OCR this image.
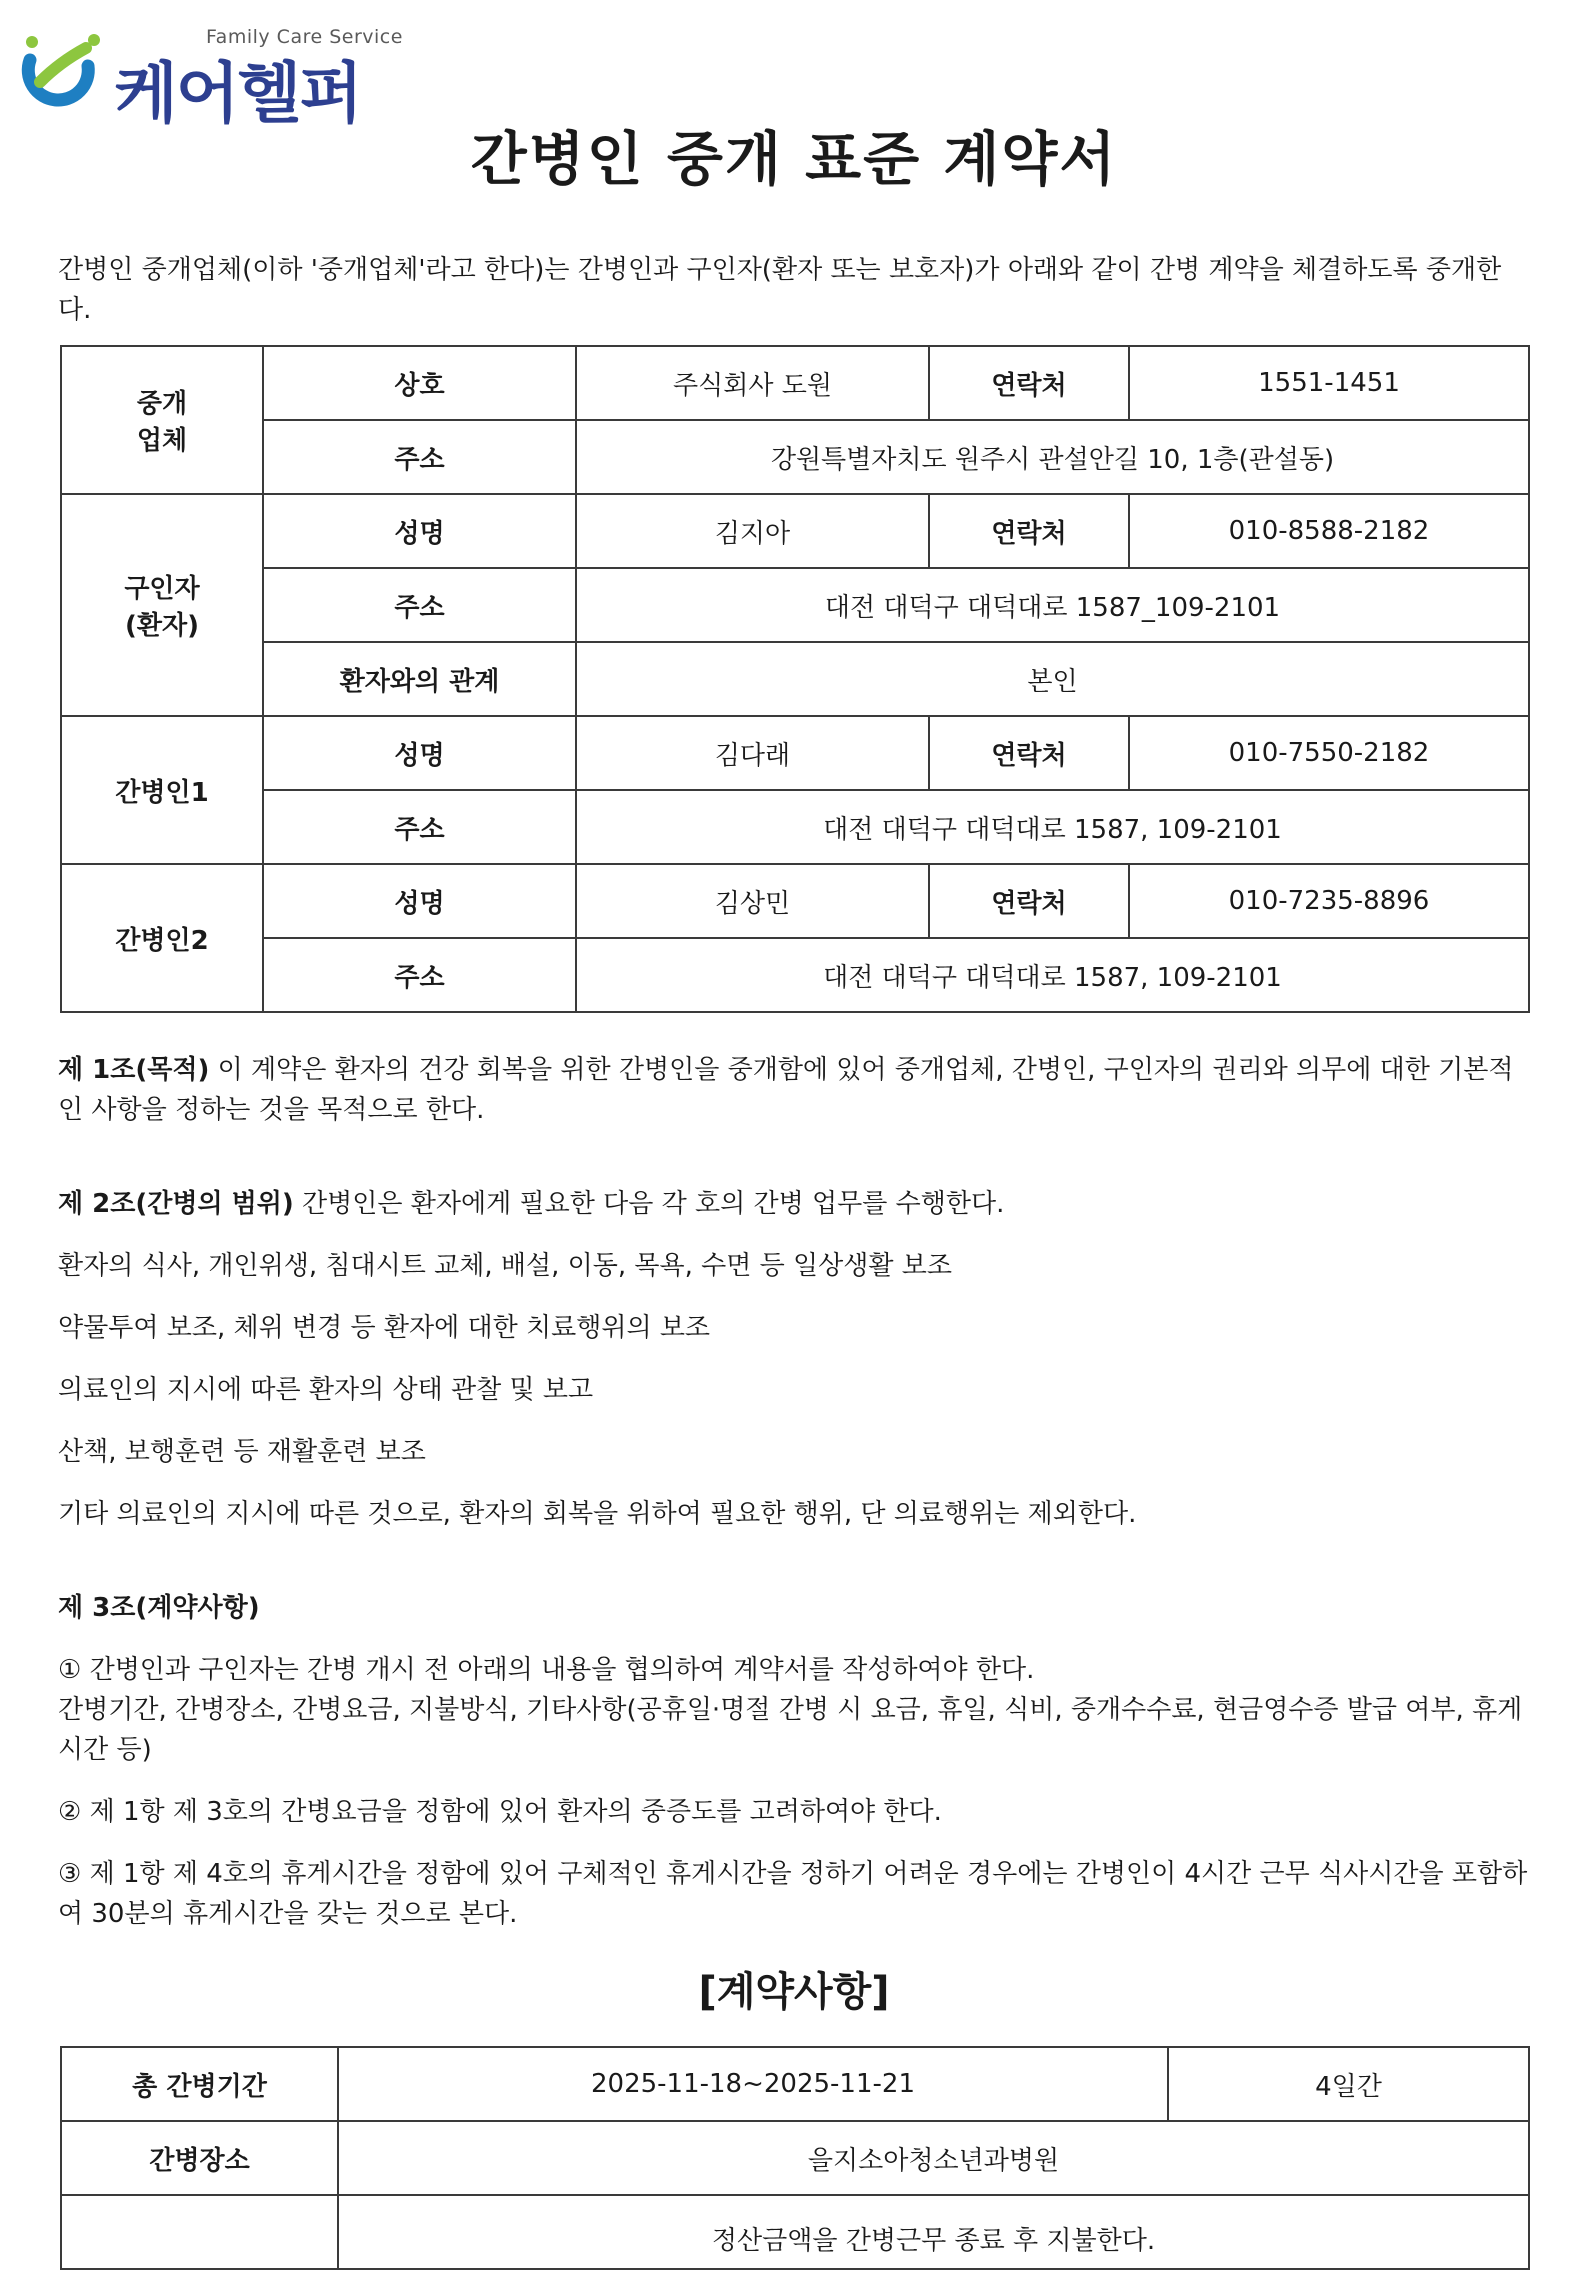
Family Care Service
케어헬퍼
간병인 중개 표준 계약서

간병인 중개업체(이하 '중개업체'라고 한다)는 간병인과 구인자(환자 또는 보호자)가 아래와 같이 간병 계약을 체결하도록 중개한다.

중개
업체	상호	주식회사 도원	연락처	1551-1451
	주소	강원특별자치도 원주시 관설안길 10, 1층(관설동)		
구인자
(환자)	성명	김지아	연락처	010-8588-2182
	주소	대전 대덕구 대덕대로 1587_109-2101		
	환자와의 관계	본인		
간병인1	성명	김다래	연락처	010-7550-2182
	주소	대전 대덕구 대덕대로 1587, 109-2101		
간병인2	성명	김상민	연락처	010-7235-8896
	주소	대전 대덕구 대덕대로 1587, 109-2101		

제 1조(목적) 이 계약은 환자의 건강 회복을 위한 간병인을 중개함에 있어 중개업체, 간병인, 구인자의 권리와 의무에 대한 기본적인 사항을 정하는 것을 목적으로 한다.

제 2조(간병의 범위) 간병인은 환자에게 필요한 다음 각 호의 간병 업무를 수행한다.

환자의 식사, 개인위생, 침대시트 교체, 배설, 이동, 목욕, 수면 등 일상생활 보조

약물투여 보조, 체위 변경 등 환자에 대한 치료행위의 보조

의료인의 지시에 따른 환자의 상태 관찰 및 보고

산책, 보행훈련 등 재활훈련 보조

기타 의료인의 지시에 따른 것으로, 환자의 회복을 위하여 필요한 행위, 단 의료행위는 제외한다.

제 3조(계약사항)

① 간병인과 구인자는 간병 개시 전 아래의 내용을 협의하여 계약서를 작성하여야 한다.

간병기간, 간병장소, 간병요금, 지불방식, 기타사항(공휴일·명절 간병 시 요금, 휴일, 식비, 중개수수료, 현금영수증 발급 여부, 휴게시간 등)

② 제 1항 제 3호의 간병요금을 정함에 있어 환자의 중증도를 고려하여야 한다.

③ 제 1항 제 4호의 휴게시간을 정함에 있어 구체적인 휴게시간을 정하기 어려운 경우에는 간병인이 4시간 근무 식사시간을 포함하여 30분의 휴게시간을 갖는 것으로 본다.

[계약사항]
총 간병기간	2025-11-18~2025-11-21	4일간
간병장소	을지소아청소년과병원	
	정산금액을 간병근무 종료 후 지불한다.	
